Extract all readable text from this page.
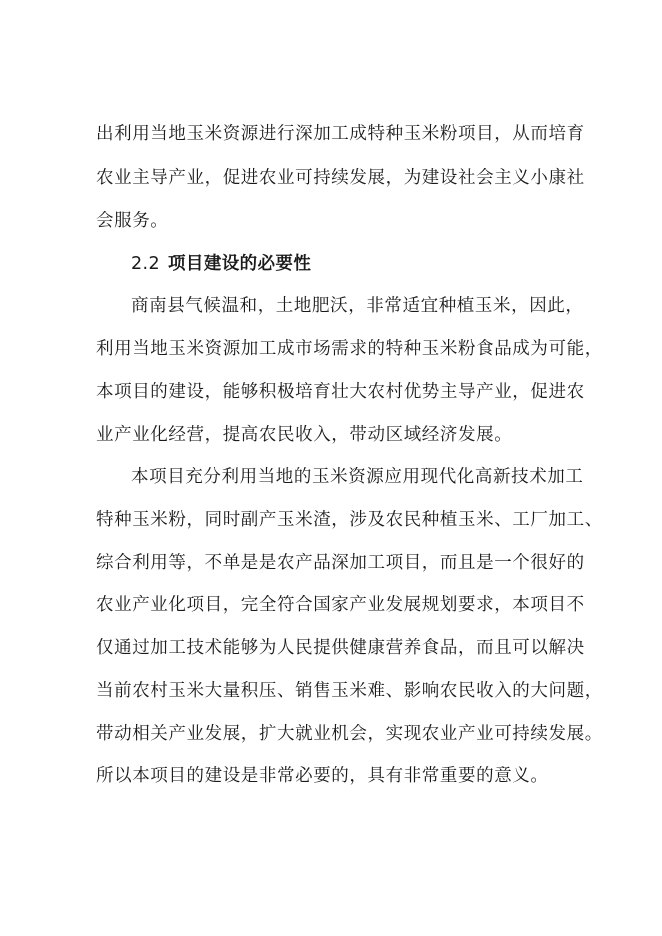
出利用当地玉米资源进行深加工成特种玉米粉项目，从而培育
农业主导产业，促进农业可持续发展，为建设社会主义小康社
会服务。
2.2 项目建设的必要性
商南县气候温和，土地肥沃，非常适宜种植玉米，因此，
利用当地玉米资源加工成市场需求的特种玉米粉食品成为可能，
本项目的建设，能够积极培育壮大农村优势主导产业，促进农
业产业化经营，提高农民收入，带动区域经济发展。
本项目充分利用当地的玉米资源应用现代化高新技术加工
特种玉米粉，同时副产玉米渣，涉及农民种植玉米、工厂加工、
综合利用等，不单是是农产品深加工项目，而且是一个很好的
农业产业化项目，完全符合国家产业发展规划要求，本项目不
仅通过加工技术能够为人民提供健康营养食品，而且可以解决
当前农村玉米大量积压、销售玉米难、影响农民收入的大问题，
带动相关产业发展，扩大就业机会，实现农业产业可持续发展。
所以本项目的建设是非常必要的，具有非常重要的意义。
